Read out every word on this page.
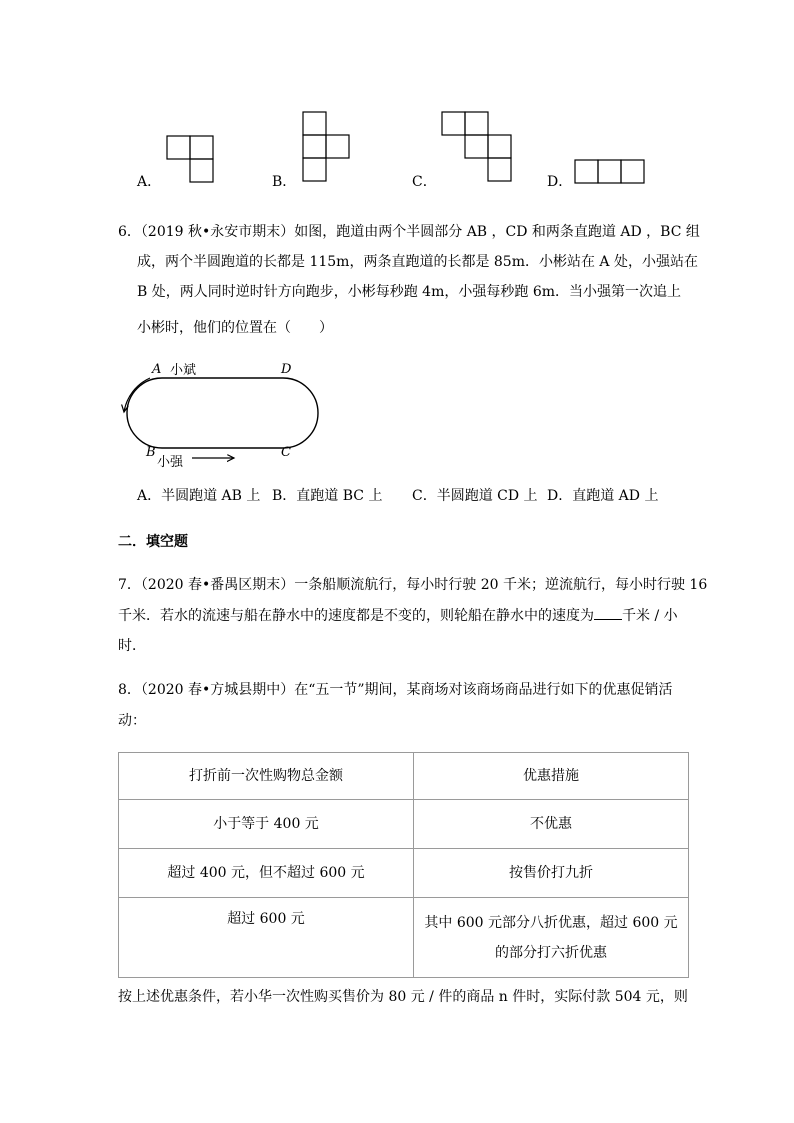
A．	B．	C．	D．
6．（2019 秋•永安市期末）如图，跑道由两个半圆部分 AB ，CD 和两条直跑道 AD ，BC 组
成，两个半圆跑道的长都是 115m，两条直跑道的长都是 85m．小彬站在 A 处，小强站在
B 处，两人同时逆时针方向跑步，小彬每秒跑 4m，小强每秒跑 6m．当小强第一次追上
小彬时，他们的位置在（　　）
A 小斌	D
B
小强
C
A．半圆跑道 AB 上 B．直跑道 BC 上 C．半圆跑道 CD 上 D．直跑道 AD 上
二．填空题
7．（2020 春•番禺区期末）一条船顺流航行，每小时行驶 20 千米；逆流航行，每小时行驶 16
千米．若水的流速与船在静水中的速度都是不变的，则轮船在静水中的速度为 千米 / 小
时．
8．（2020 春•方城县期中）在“五一节”期间，某商场对该商场商品进行如下的优惠促销活
动：
打折前一次性购物总金额	优惠措施
小于等于 400 元	不优惠
超过 400 元，但不超过 600 元	按售价打九折
超过 600 元	其中 600 元部分八折优惠，超过 600 元的部分打六折优惠
按上述优惠条件，若小华一次性购买售价为 80 元 / 件的商品 n 件时，实际付款 504 元，则
